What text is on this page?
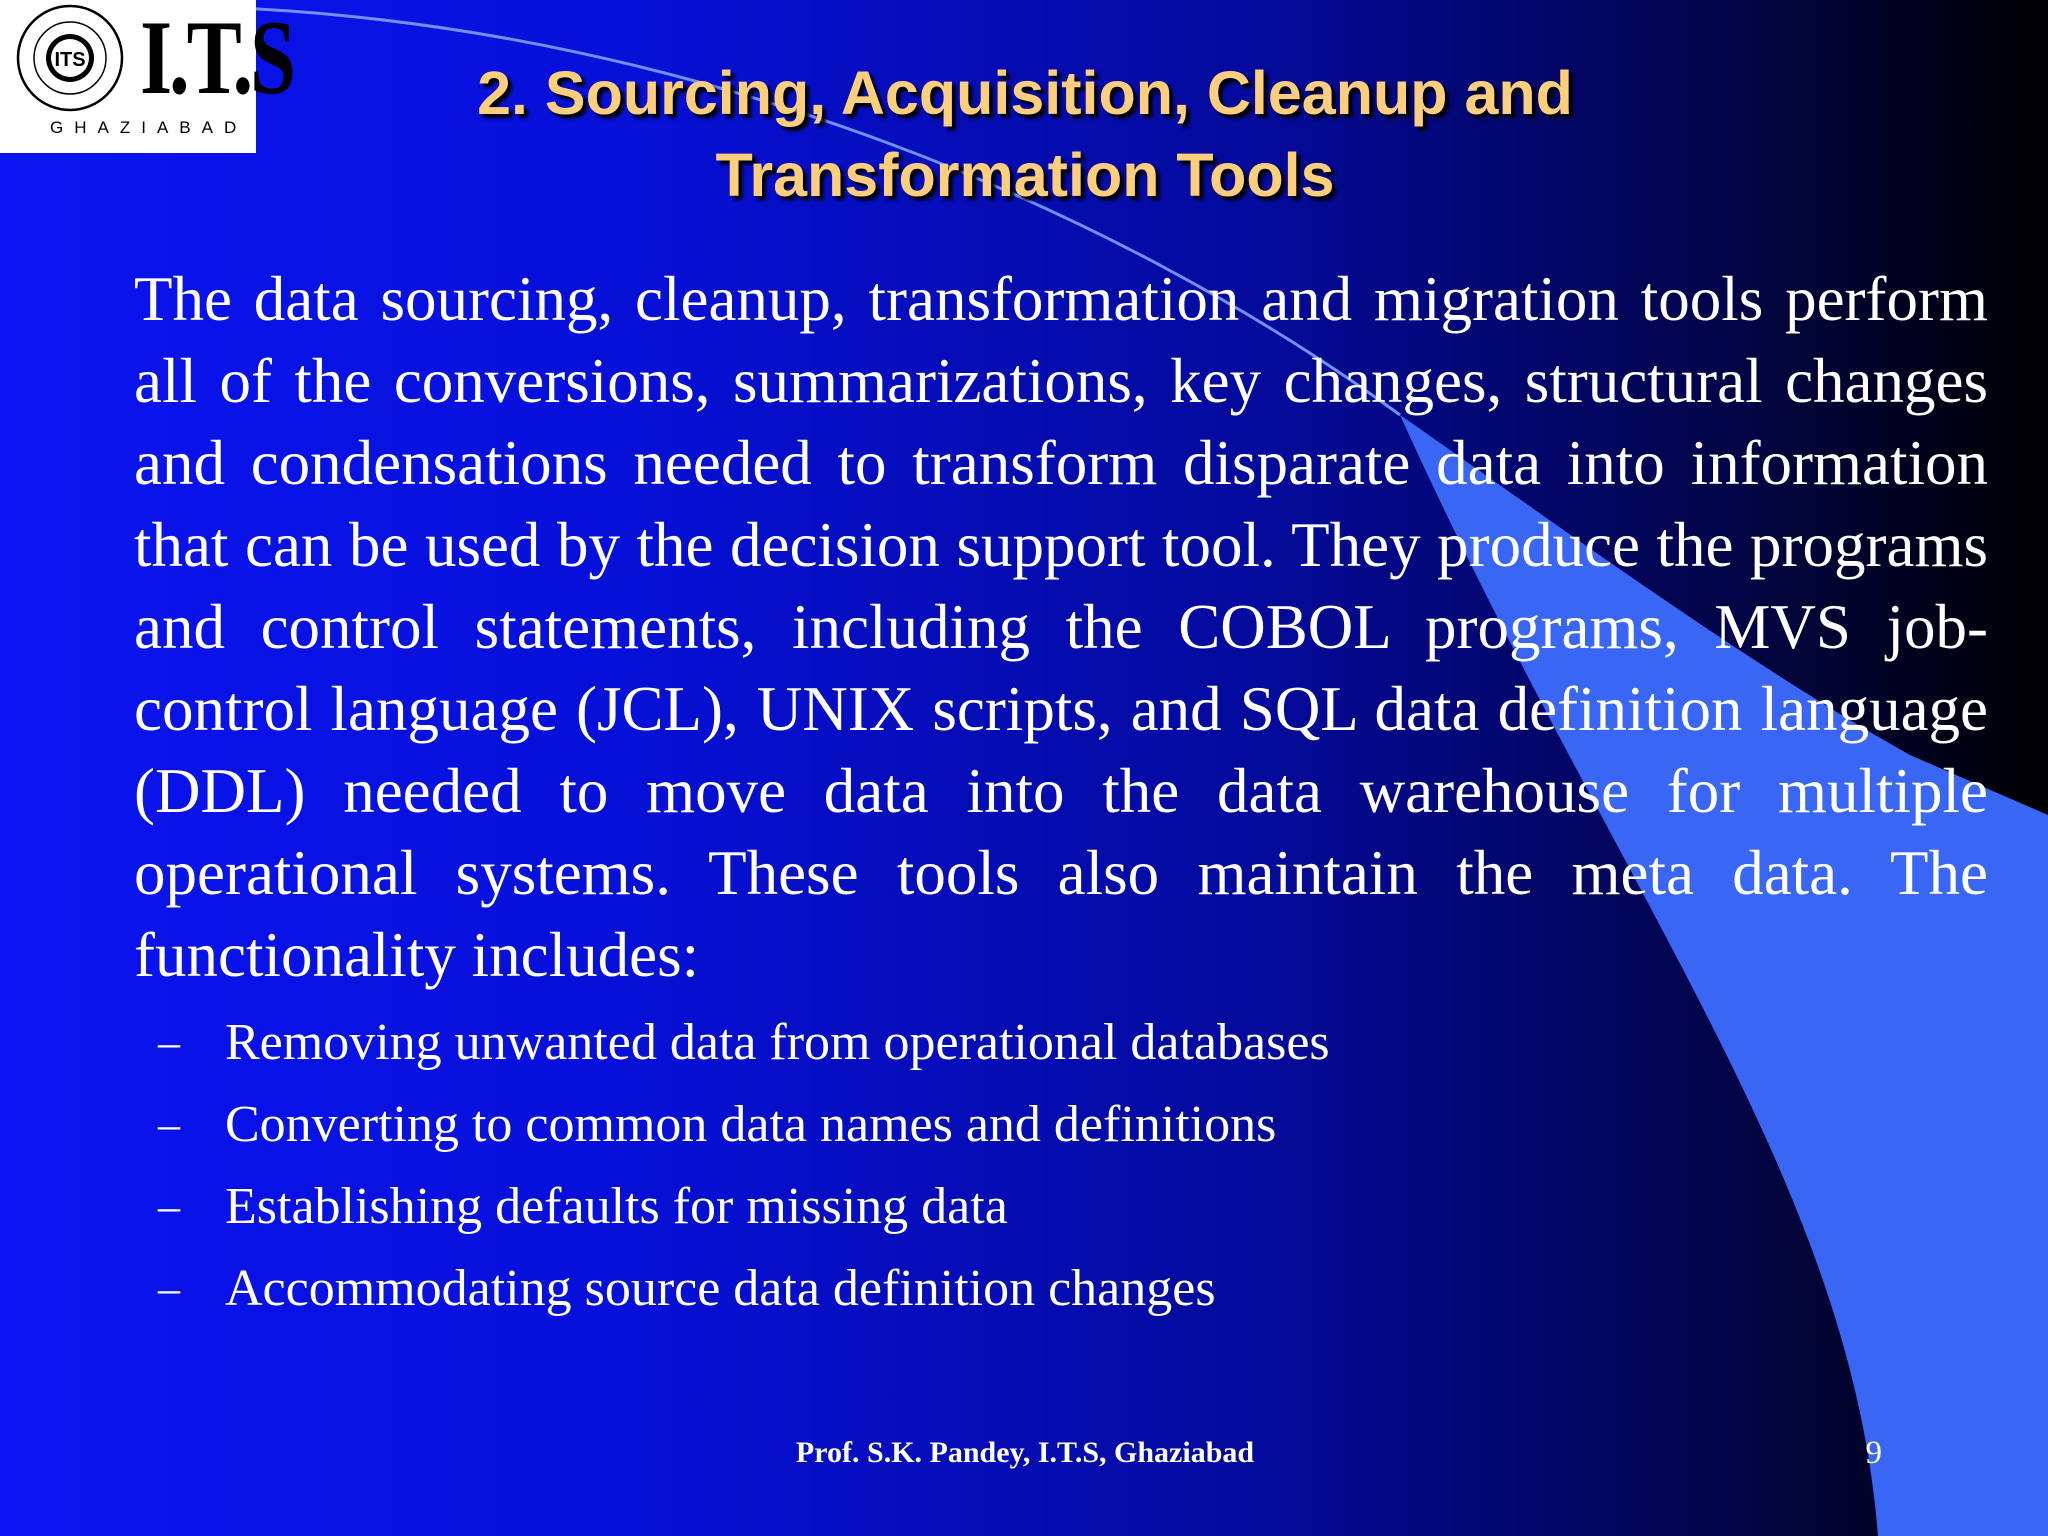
ITS I.T.S
GHAZIABAD
2. Sourcing, Acquisition, Cleanup and
Transformation Tools

The data sourcing, cleanup, transformation and migration tools perform all of the conversions, summarizations, key changes, structural changes and condensations needed to transform disparate data into information that can be used by the decision support tool. They produce the programs and control statements, including the COBOL programs, MVS job-control language (JCL), UNIX scripts, and SQL data definition language (DDL) needed to move data into the data warehouse for multiple operational systems. These tools also maintain the meta data. The functionality includes:

– Removing unwanted data from operational databases
– Converting to common data names and definitions
– Establishing defaults for missing data
– Accommodating source data definition changes
Prof. S.K. Pandey, I.T.S, Ghaziabad	9
